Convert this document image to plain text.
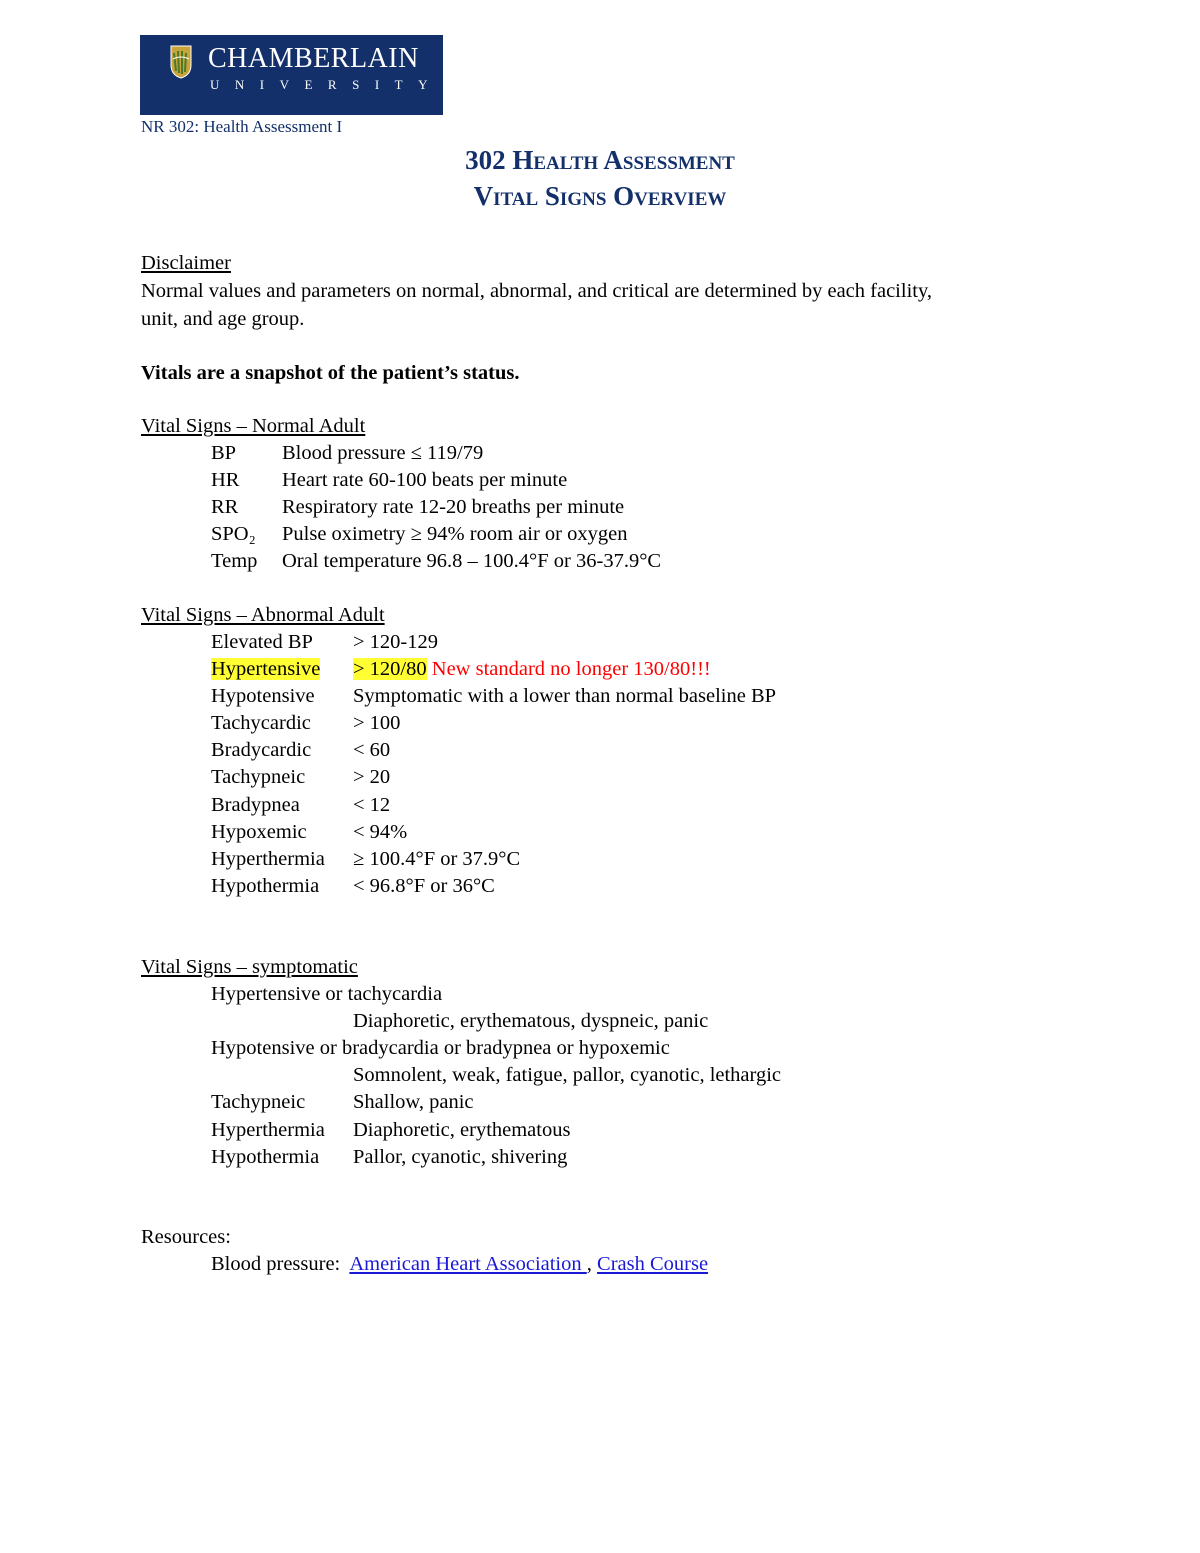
CHAMBERLAIN
UNIVERSITY
NR 302: Health Assessment I
302 Health Assessment
Vital Signs Overview
Disclaimer
Normal values and parameters on normal, abnormal, and critical are determined by each facility,
unit, and age group.
Vitals are a snapshot of the patient’s status.
Vital Signs – Normal Adult
BP Blood pressure ≤ 119/79
HR Heart rate 60-100 beats per minute
RR Respiratory rate 12-20 breaths per minute
SPO₂ Pulse oximetry ≥ 94% room air or oxygen
Temp Oral temperature 96.8 – 100.4°F or 36-37.9°C
Vital Signs – Abnormal Adult
Elevated BP > 120-129
Hypertensive > 120/80 New standard no longer 130/80!!!
Hypotensive Symptomatic with a lower than normal baseline BP
Tachycardic > 100
Bradycardic < 60
Tachypneic > 20
Bradypnea	< 12
Hypoxemic < 94%
Hyperthermia ≥ 100.4°F or 37.9°C
Hypothermia < 96.8°F or 36°C
Vital Signs – symptomatic
Hypertensive or tachycardia
Diaphoretic, erythematous, dyspneic, panic
Hypotensive or bradycardia or bradypnea or hypoxemic
Somnolent, weak, fatigue, pallor, cyanotic, lethargic
Tachypneic Shallow, panic
Hyperthermia Diaphoretic, erythematous
Hypothermia Pallor, cyanotic, shivering
Resources:
Blood pressure: American Heart Association , Crash Course
